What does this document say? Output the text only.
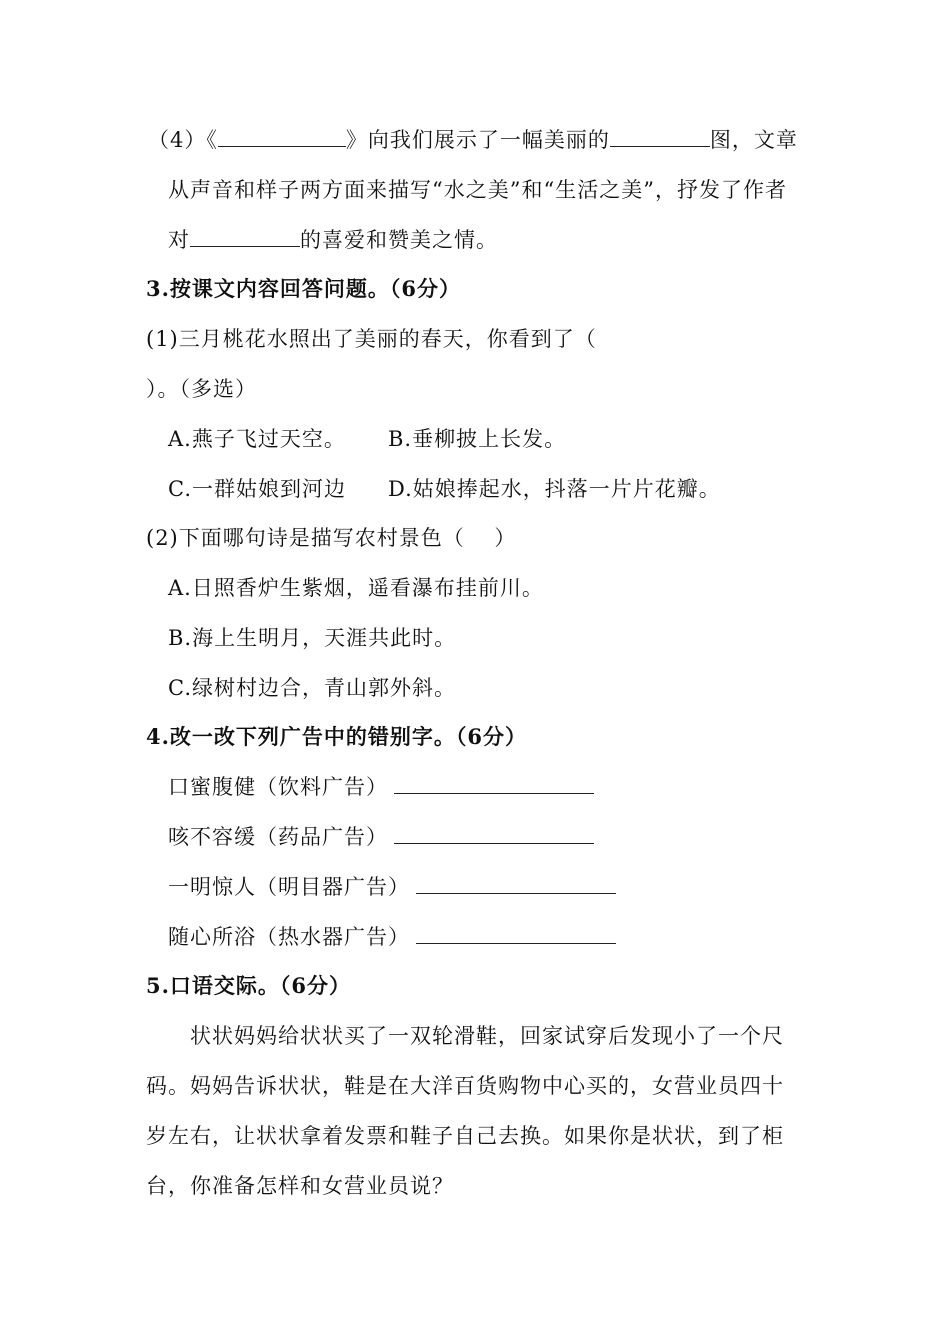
（4）《	》向我们展示了一幅美丽的	图，文章
从声音和样子两方面来描写“水之美”和“生活之美”，抒发了作者
对	的喜爱和赞美之情。
3.按课文内容回答问题。（6分）
(1)三月桃花水照出了美丽的春天，你看到了（
）。（多选）
A.燕子飞过天空。 B.垂柳披上长发。
C.一群姑娘到河边 D.姑娘捧起水，抖落一片片花瓣。
(2)下面哪句诗是描写农村景色（　 ）
A.日照香炉生紫烟，遥看瀑布挂前川。
B.海上生明月，天涯共此时。
C.绿树村边合，青山郭外斜。
4.改一改下列广告中的错别字。（6分）
口蜜腹健（饮料广告）
咳不容缓（药品广告）
一明惊人（明目器广告）
随心所浴（热水器广告）
5.口语交际。（6分）
状状妈妈给状状买了一双轮滑鞋，回家试穿后发现小了一个尺
码。妈妈告诉状状，鞋是在大洋百货购物中心买的，女营业员四十
岁左右，让状状拿着发票和鞋子自己去换。如果你是状状，到了柜
台，你准备怎样和女营业员说？
